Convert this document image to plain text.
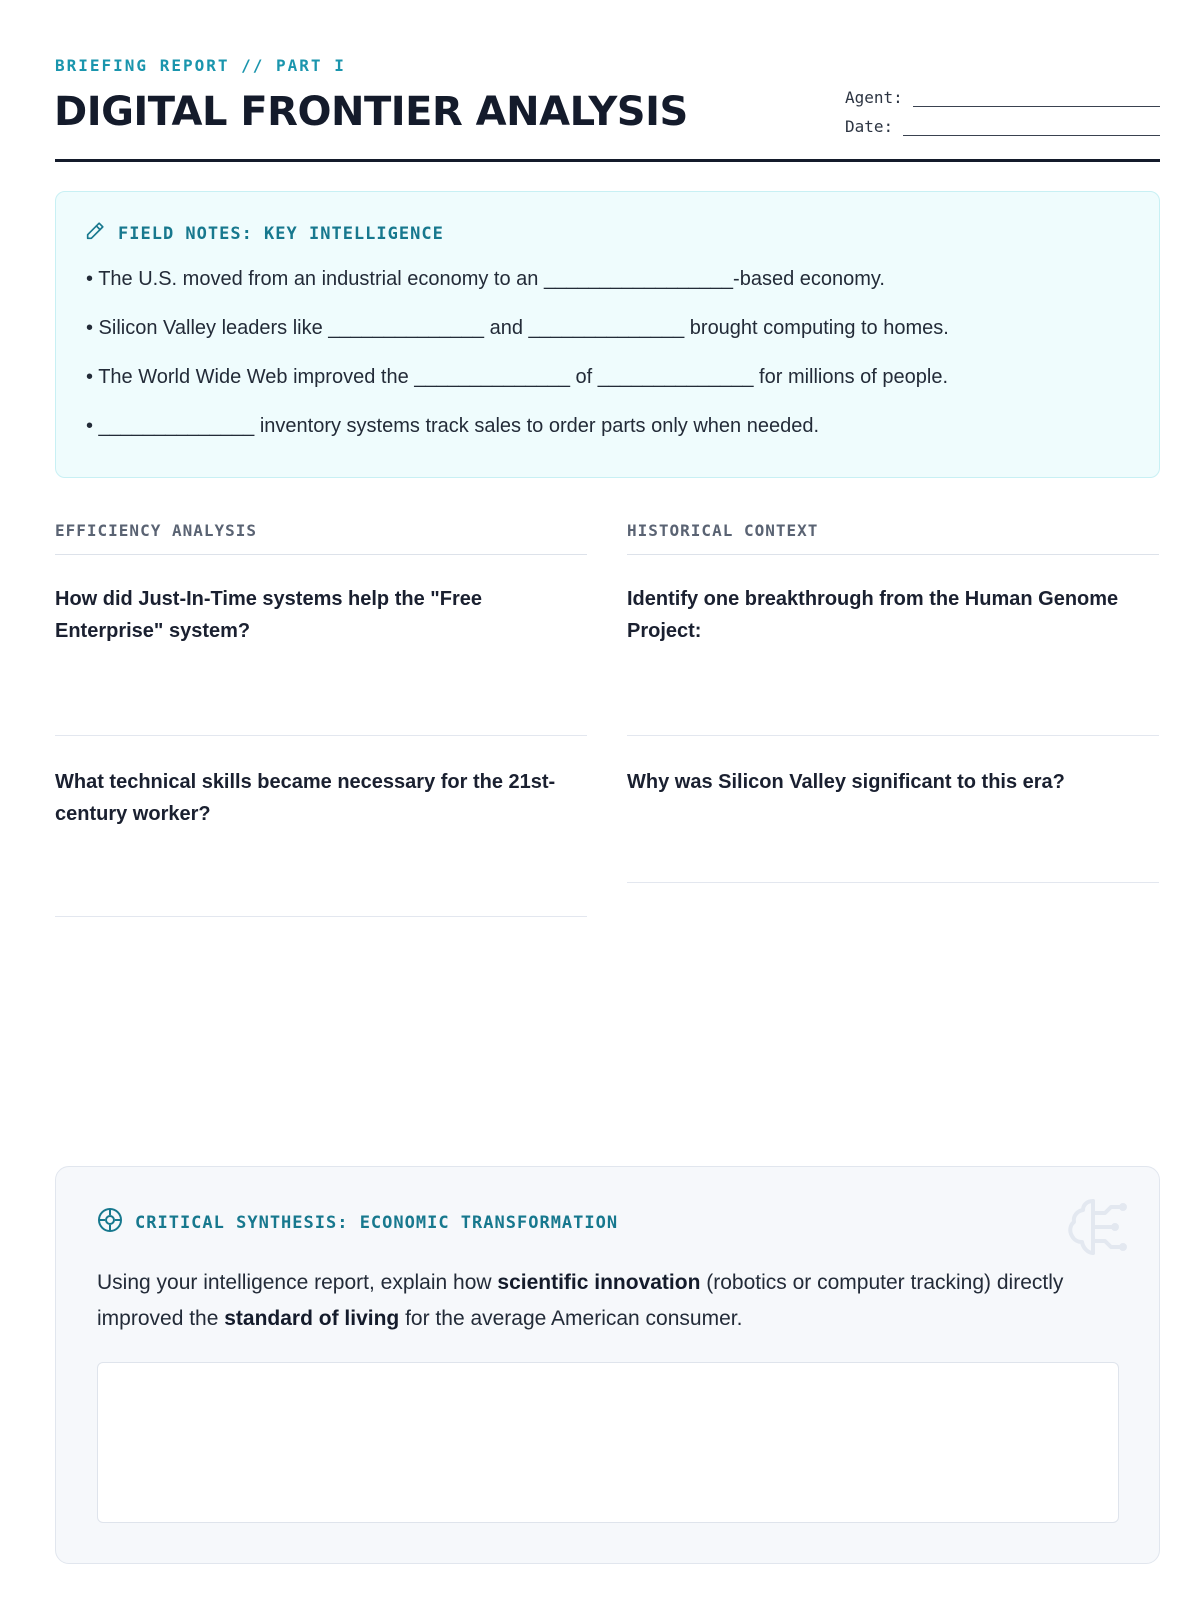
BRIEFING REPORT // PART I
DIGITAL FRONTIER ANALYSIS	Agent:
Date:
FIELD NOTES: KEY INTELLIGENCE
• The U.S. moved from an industrial economy to an _________________-based economy.
• Silicon Valley leaders like ______________ and ______________ brought computing to homes.
• The World Wide Web improved the ______________ of ______________ for millions of people.
• ______________ inventory systems track sales to order parts only when needed.
EFFICIENCY ANALYSIS
How did Just-In-Time systems help the "Free Enterprise" system?
What technical skills became necessary for the 21st-century worker?
HISTORICAL CONTEXT
Identify one breakthrough from the Human Genome Project:
Why was Silicon Valley significant to this era?
CRITICAL SYNTHESIS: ECONOMIC TRANSFORMATION

Using your intelligence report, explain how scientific innovation (robotics or computer tracking) directly improved the standard of living for the average American consumer.
